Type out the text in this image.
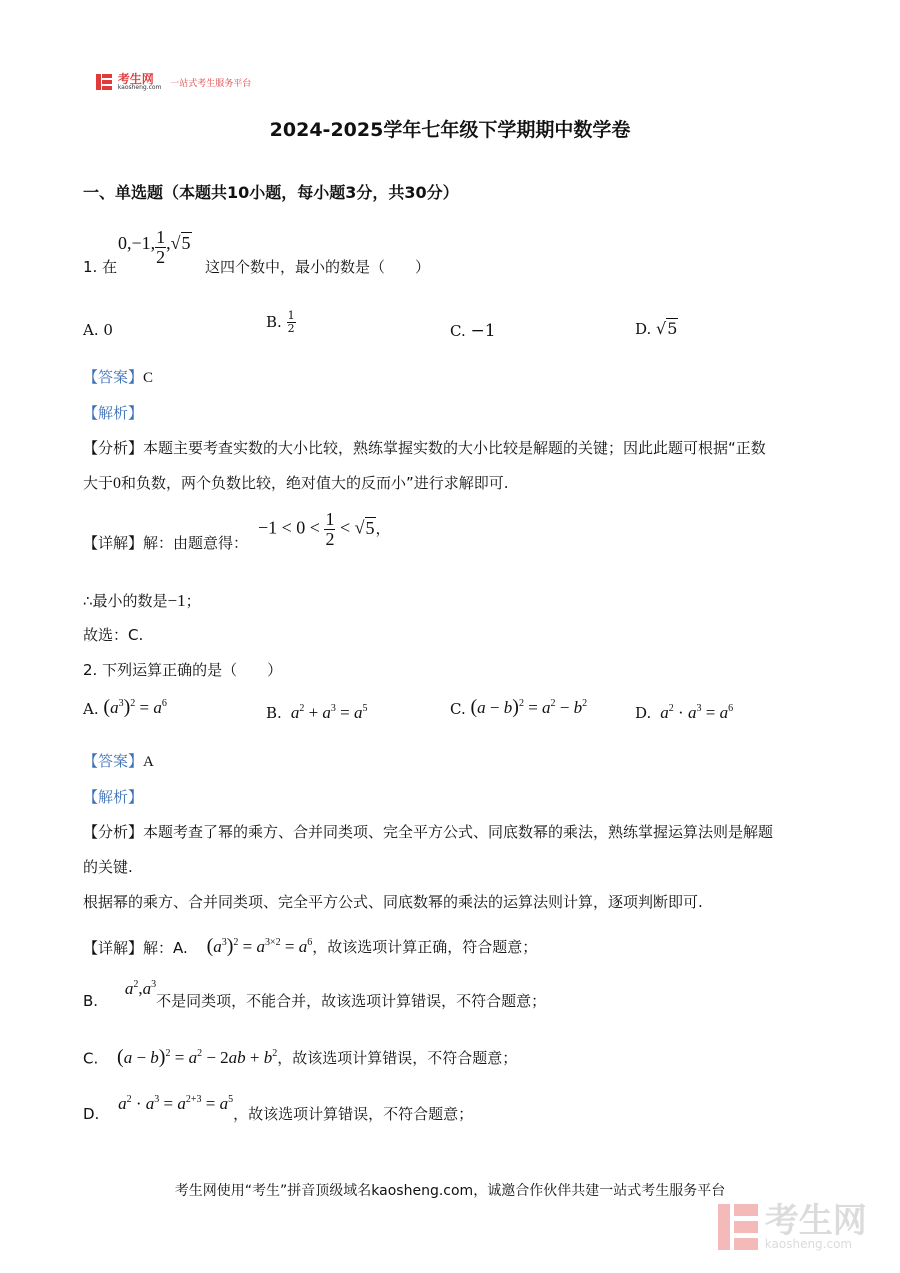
考生网
kaosheng.com 一站式考生服务平台
2024-2025学年七年级下学期期中数学卷
一、单选题（本题共10小题，每小题3分，共30分）
1. 在
0,−1, $\frac{1}{2} ,√5$
这四个数中，最小的数是（　　）
A. 0	B. $\frac{1}{2}$	C. −1	D. √5
【答案】C
【解析】
【分析】本题主要考查实数的大小比较，熟练掌握实数的大小比较是解题的关键；因此此题可根据“正数
大于0和负数，两个负数比较，绝对值大的反而小”进行求解即可.
【详解】解：由题意得：
$-1 < 0 < \frac{1}{2} < √5$，
∴最小的数是−1；
故选：C.
2. 下列运算正确的是（　　）
A. $(a^3)^2 = a^6$
B.  $a^2 + a^3 = a^5$	C. $(a - b)^2 = a^2 - b^2$
D.  $a^2 \cdot a^3 = a^6$
【答案】A
【解析】
【分析】本题考查了幂的乘方、合并同类项、完全平方公式、同底数幂的乘法，熟练掌握运算法则是解题
的关键.
根据幂的乘方、合并同类项、完全平方公式、同底数幂的乘法的运算法则计算，逐项判断即可.
【详解】解：A. $(a^3)^2 = a^{3\times 2} = a^6$，故该选项计算正确，符合题意；
B. $a^2,a^3$不是同类项，不能合并，故该选项计算错误，不符合题意；
C. $(a - b)^2 = a^2 - 2ab + b^2$，故该选项计算错误，不符合题意；
D. $a^2 \cdot a^3 = a^{2+3} = a^5$，故该选项计算错误，不符合题意；
考生网使用“考生”拼音顶级域名kaosheng.com，诚邀合作伙伴共建一站式考生服务平台

考生网
kaosheng.com
